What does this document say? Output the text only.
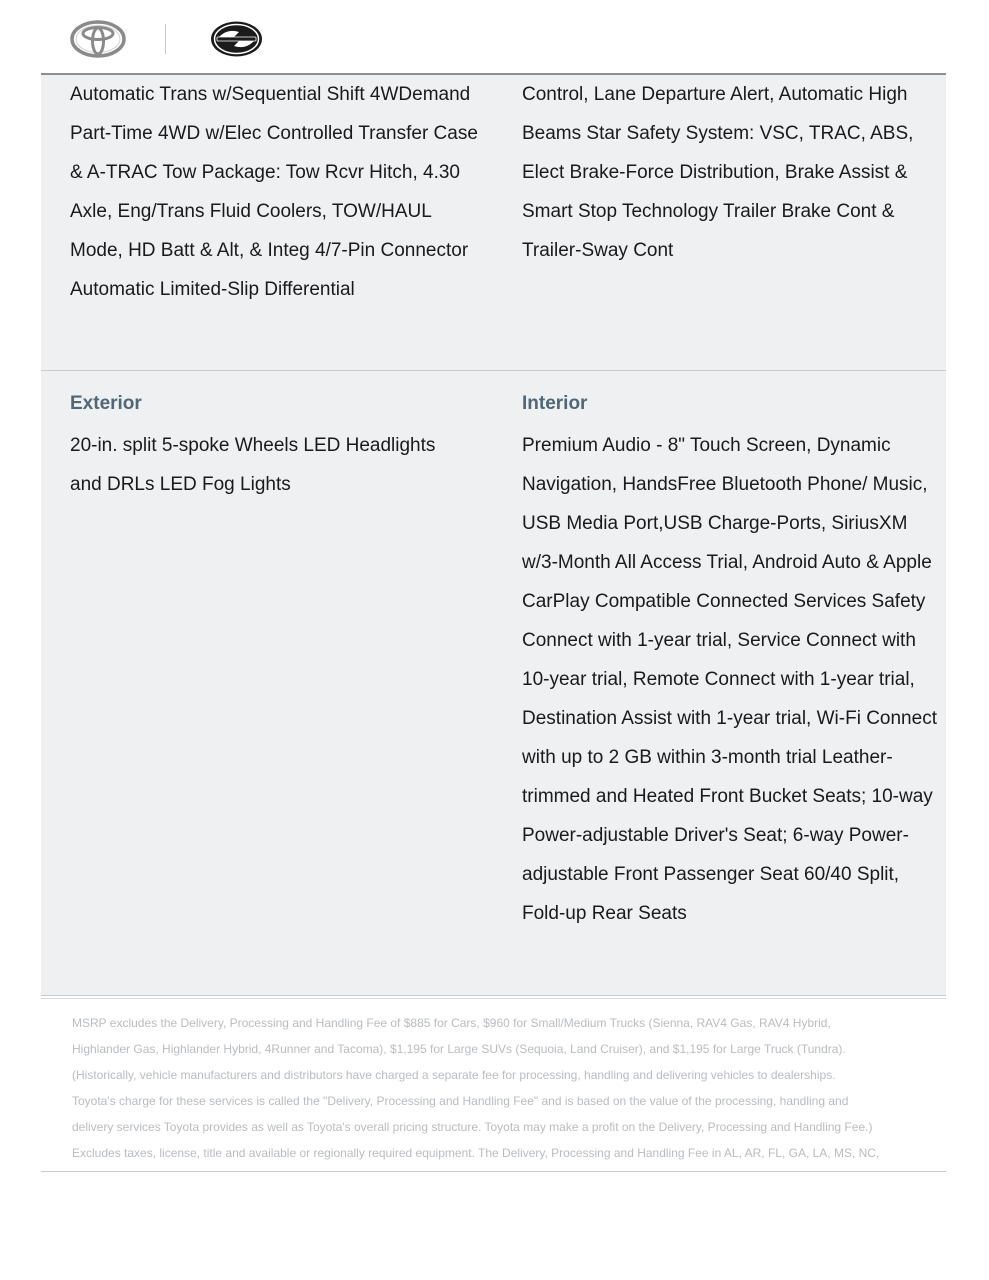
Automatic Trans w/Sequential Shift 4WDemand Part-Time 4WD w/Elec Controlled Transfer Case & A-TRAC Tow Package: Tow Rcvr Hitch, 4.30 Axle, Eng/Trans Fluid Coolers, TOW/HAUL Mode, HD Batt & Alt, & Integ 4/7-Pin Connector Automatic Limited-Slip Differential

Control, Lane Departure Alert, Automatic High Beams Star Safety System: VSC, TRAC, ABS, Elect Brake-Force Distribution, Brake Assist & Smart Stop Technology Trailer Brake Cont & Trailer-Sway Cont

Exterior

20-in. split 5-spoke Wheels LED Headlights and DRLs LED Fog Lights

Interior

Premium Audio - 8" Touch Screen, Dynamic Navigation, HandsFree Bluetooth Phone/ Music, USB Media Port,USB Charge-Ports, SiriusXM w/3-Month All Access Trial, Android Auto & Apple CarPlay Compatible Connected Services Safety Connect with 1-year trial, Service Connect with 10-year trial, Remote Connect with 1-year trial, Destination Assist with 1-year trial, Wi-Fi Connect with up to 2 GB within 3-month trial Leather-trimmed and Heated Front Bucket Seats; 10-way Power-adjustable Driver's Seat; 6-way Power-adjustable Front Passenger Seat 60/40 Split, Fold-up Rear Seats

MSRP excludes the Delivery, Processing and Handling Fee of $885 for Cars, $960 for Small/Medium Trucks (Sienna, RAV4 Gas, RAV4 Hybrid,
Highlander Gas, Highlander Hybrid, 4Runner and Tacoma), $1,195 for Large SUVs (Sequoia, Land Cruiser), and $1,195 for Large Truck (Tundra).
(Historically, vehicle manufacturers and distributors have charged a separate fee for processing, handling and delivering vehicles to dealerships.
Toyota's charge for these services is called the "Delivery, Processing and Handling Fee" and is based on the value of the processing, handling and
delivery services Toyota provides as well as Toyota's overall pricing structure. Toyota may make a profit on the Delivery, Processing and Handling Fee.)
Excludes taxes, license, title and available or regionally required equipment. The Delivery, Processing and Handling Fee in AL, AR, FL, GA, LA, MS, NC,
